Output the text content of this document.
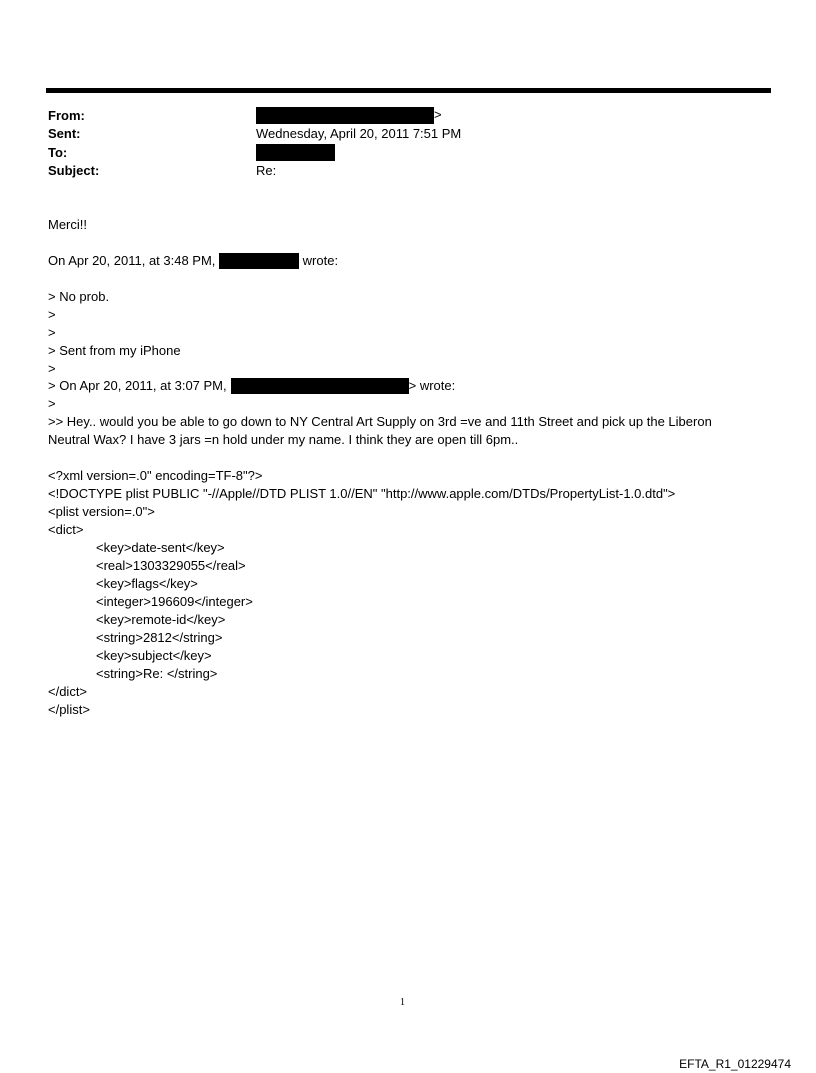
From:	>
Sent:	Wednesday, April 20, 2011 7:51 PM
To:
Subject:	Re:
Merci!!
On Apr 20, 2011, at 3:48 PM,	wrote:
> No prob.
>
>
> Sent from my iPhone
>
> On Apr 20, 2011, at 3:07 PM,	> wrote:
>
>> Hey.. would you be able to go down to NY Central Art Supply on 3rd =ve and 11th Street and pick up the Liberon
Neutral Wax? I have 3 jars =n hold under my name. I think they are open till 6pm..
<?xml version=.0" encoding=TF-8"?>
<!DOCTYPE plist PUBLIC "-//Apple//DTD PLIST 1.0//EN" "http://www.apple.com/DTDs/PropertyList-1.0.dtd">
<plist version=.0">
<dict>
<key>date-sent</key>
<real>1303329055</real>
<key>flags</key>
<integer>196609</integer>
<key>remote-id</key>
<string>2812</string>
<key>subject</key>
<string>Re: </string>
</dict>
</plist>
1
EFTA_R1_01229474
